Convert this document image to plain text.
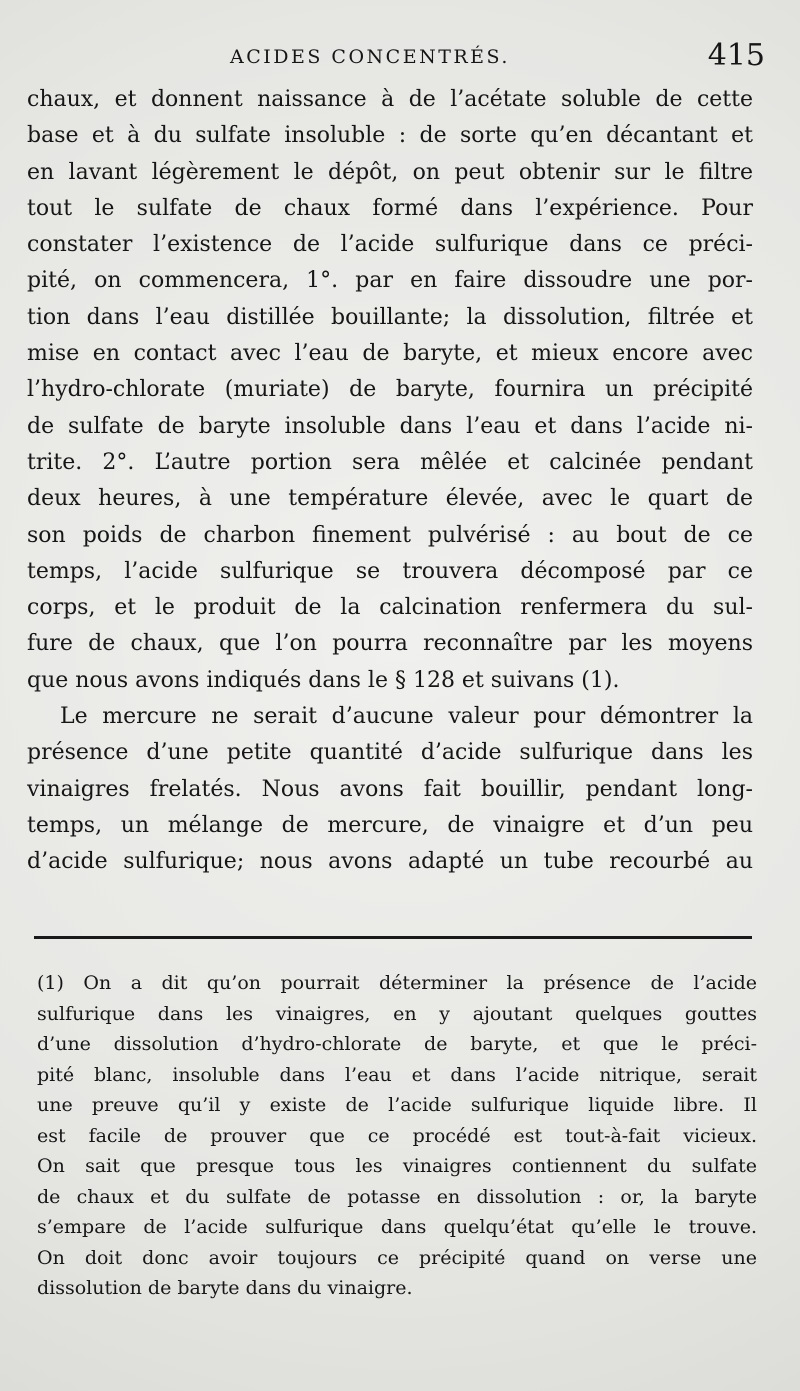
ACIDES CONCENTRÉS.	415
chaux, et donnent naissance à de l’acétate soluble de cette
base et à du sulfate insoluble : de sorte qu’en décantant et
en lavant légèrement le dépôt, on peut obtenir sur le filtre
tout le sulfate de chaux formé dans l’expérience. Pour
constater l’existence de l’acide sulfurique dans ce préci-
pité, on commencera, 1°. par en faire dissoudre une por-
tion dans l’eau distillée bouillante; la dissolution, filtrée et
mise en contact avec l’eau de baryte, et mieux encore avec
l’hydro-chlorate (muriate) de baryte, fournira un précipité
de sulfate de baryte insoluble dans l’eau et dans l’acide ni-
trite. 2°. L’autre portion sera mêlée et calcinée pendant
deux heures, à une température élevée, avec le quart de
son poids de charbon finement pulvérisé : au bout de ce
temps, l’acide sulfurique se trouvera décomposé par ce
corps, et le produit de la calcination renfermera du sul-
fure de chaux, que l’on pourra reconnaître par les moyens
que nous avons indiqués dans le § 128 et suivans (1).
Le mercure ne serait d’aucune valeur pour démontrer la
présence d’une petite quantité d’acide sulfurique dans les
vinaigres frelatés. Nous avons fait bouillir, pendant long-
temps, un mélange de mercure, de vinaigre et d’un peu
d’acide sulfurique; nous avons adapté un tube recourbé au
(1) On a dit qu’on pourrait déterminer la présence de l’acide
sulfurique dans les vinaigres, en y ajoutant quelques gouttes
d’une dissolution d’hydro-chlorate de baryte, et que le préci-
pité blanc, insoluble dans l’eau et dans l’acide nitrique, serait
une preuve qu’il y existe de l’acide sulfurique liquide libre. Il
est facile de prouver que ce procédé est tout-à-fait vicieux.
On sait que presque tous les vinaigres contiennent du sulfate
de chaux et du sulfate de potasse en dissolution : or, la baryte
s’empare de l’acide sulfurique dans quelqu’état qu’elle le trouve.
On doit donc avoir toujours ce précipité quand on verse une
dissolution de baryte dans du vinaigre.
